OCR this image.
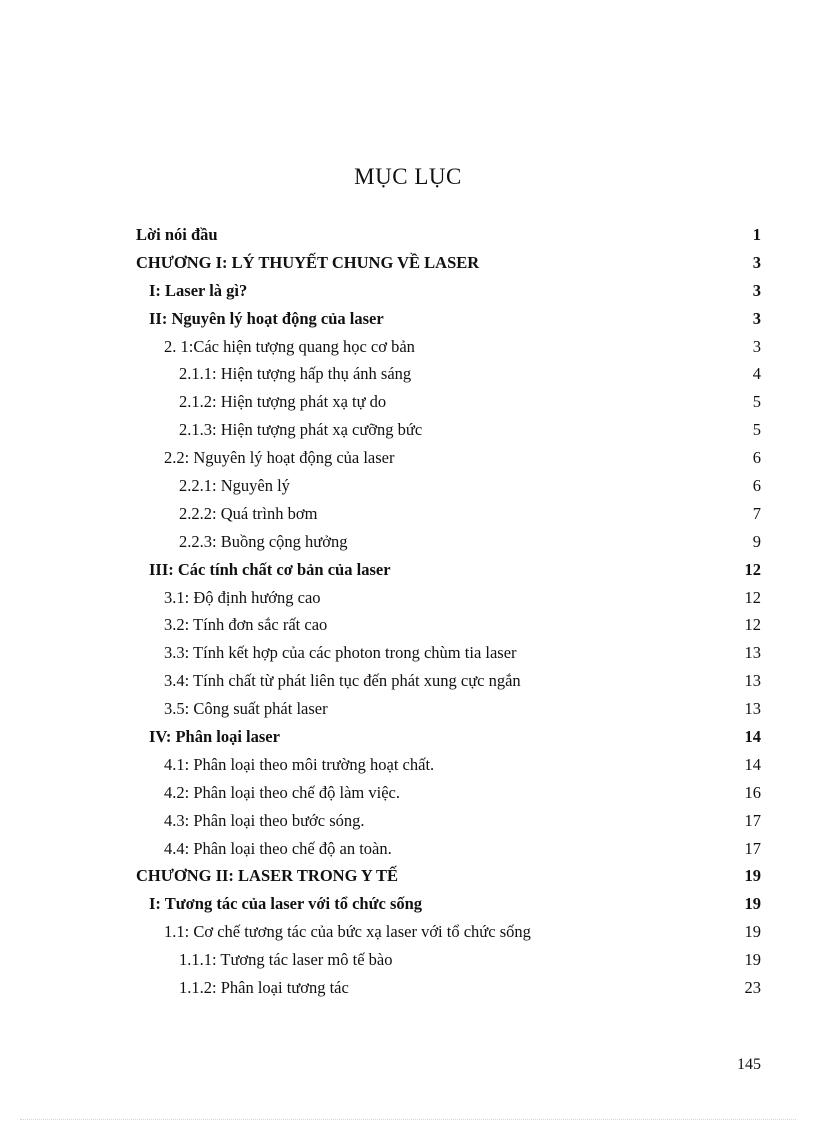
MỤC LỤC
Lời nói đầu	1
CHƯƠNG I: LÝ THUYẾT CHUNG VỀ LASER	3
I: Laser là gì?	3
II: Nguyên lý hoạt động của laser	3
2. 1:Các hiện tượng quang học cơ bản	3
2.1.1: Hiện tượng hấp thụ ánh sáng	4
2.1.2: Hiện tượng phát xạ tự do	5
2.1.3: Hiện tượng phát xạ cưỡng bức	5
2.2: Nguyên lý hoạt động của laser	6
2.2.1: Nguyên lý	6
2.2.2: Quá trình bơm	7
2.2.3: Buồng cộng hưởng	9
III: Các tính chất cơ bản của laser	12
3.1: Độ định hướng cao	12
3.2: Tính đơn sắc rất cao	12
3.3: Tính kết hợp của các photon trong chùm tia laser	13
3.4: Tính chất từ phát liên tục đến phát xung cực ngắn	13
3.5: Công suất phát laser	13
IV: Phân loại laser	14
4.1: Phân loại theo môi trường hoạt chất.	14
4.2: Phân loại theo chế độ làm việc.	16
4.3: Phân loại theo bước sóng.	17
4.4: Phân loại theo chế độ an toàn.	17
CHƯƠNG II: LASER TRONG Y TẾ	19
I: Tương tác của laser với tổ chức sống	19
1.1: Cơ chế tương tác của bức xạ laser với tổ chức sống	19
1.1.1: Tương tác laser mô tế bào	19
1.1.2: Phân loại tương tác	23

145
